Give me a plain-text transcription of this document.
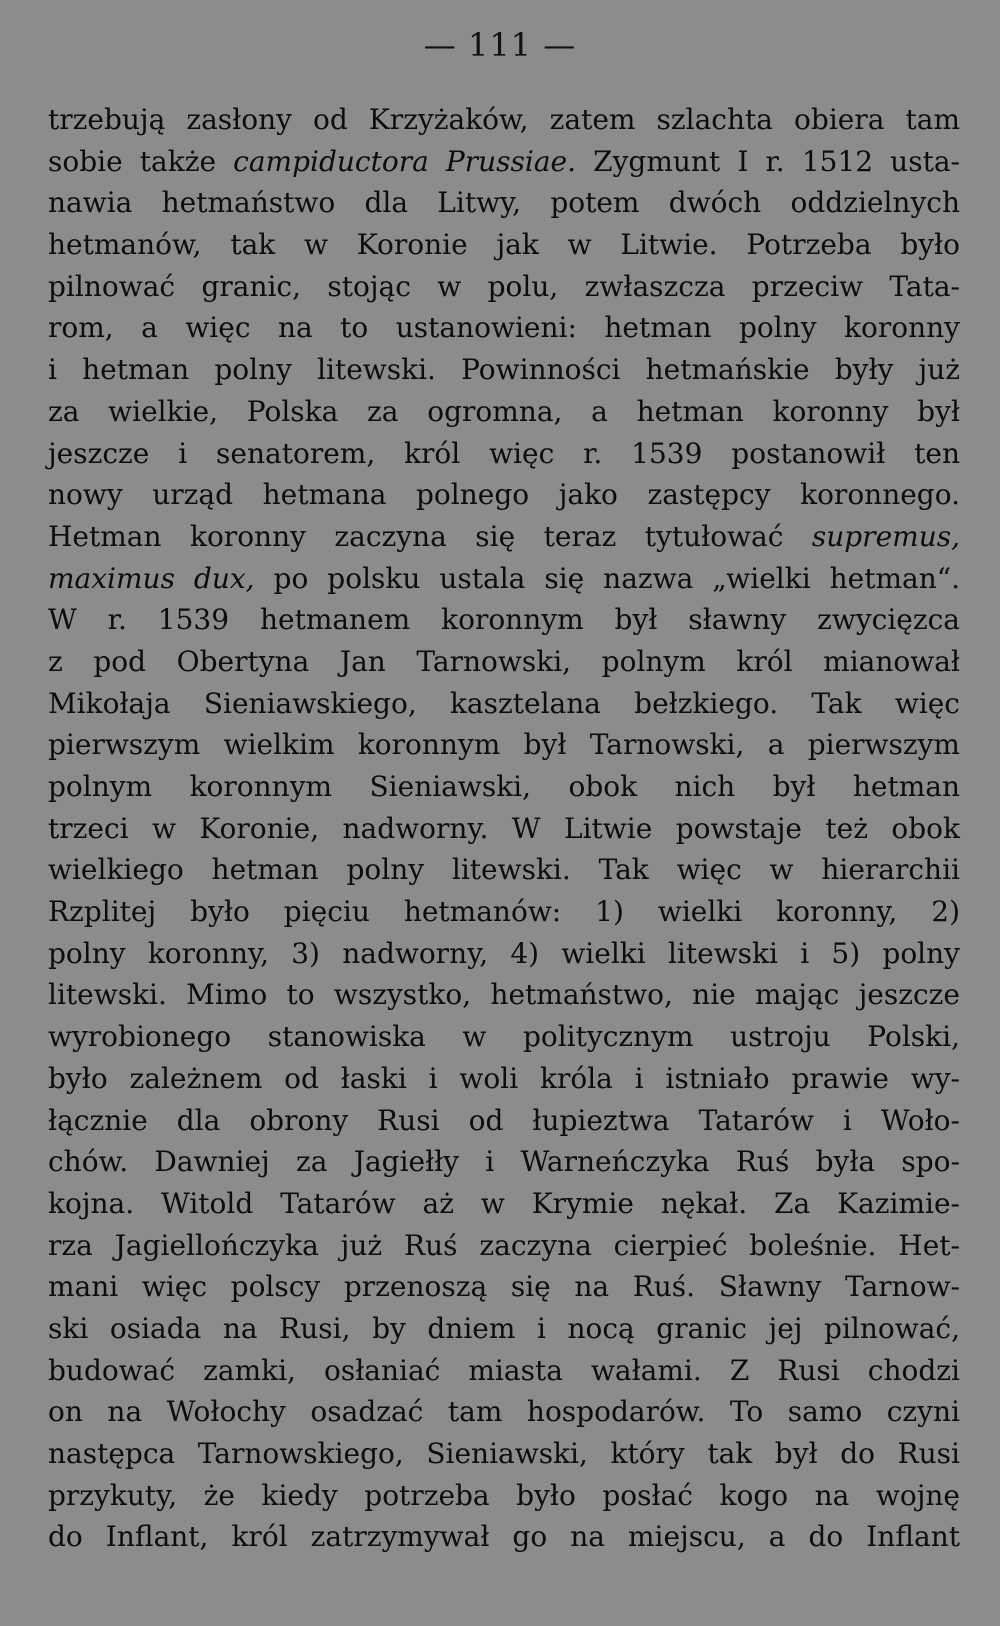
— 111 —
trzebują zasłony od Krzyżaków, zatem szlachta obiera tam
sobie także campiductora Prussiae. Zygmunt I r. 1512 usta-
nawia hetmaństwo dla Litwy, potem dwóch oddzielnych
hetmanów, tak w Koronie jak w Litwie. Potrzeba było
pilnować granic, stojąc w polu, zwłaszcza przeciw Tata-
rom, a więc na to ustanowieni: hetman polny koronny
i hetman polny litewski. Powinności hetmańskie były już
za wielkie, Polska za ogromna, a hetman koronny był
jeszcze i senatorem, król więc r. 1539 postanowił ten
nowy urząd hetmana polnego jako zastępcy koronnego.
Hetman koronny zaczyna się teraz tytułować supremus,
maximus dux, po polsku ustala się nazwa „wielki hetman“.
W r. 1539 hetmanem koronnym był sławny zwycięzca
z pod Obertyna Jan Tarnowski, polnym król mianował
Mikołaja Sieniawskiego, kasztelana bełzkiego. Tak więc
pierwszym wielkim koronnym był Tarnowski, a pierwszym
polnym koronnym Sieniawski, obok nich był hetman
trzeci w Koronie, nadworny. W Litwie powstaje też obok
wielkiego hetman polny litewski. Tak więc w hierarchii
Rzplitej było pięciu hetmanów: 1) wielki koronny, 2)
polny koronny, 3) nadworny, 4) wielki litewski i 5) polny
litewski. Mimo to wszystko, hetmaństwo, nie mając jeszcze
wyrobionego stanowiska w politycznym ustroju Polski,
było zależnem od łaski i woli króla i istniało prawie wy-
łącznie dla obrony Rusi od łupieztwa Tatarów i Woło-
chów. Dawniej za Jagiełły i Warneńczyka Ruś była spo-
kojna. Witold Tatarów aż w Krymie nękał. Za Kazimie-
rza Jagiellończyka już Ruś zaczyna cierpieć boleśnie. Het-
mani więc polscy przenoszą się na Ruś. Sławny Tarnow-
ski osiada na Rusi, by dniem i nocą granic jej pilnować,
budować zamki, osłaniać miasta wałami. Z Rusi chodzi
on na Wołochy osadzać tam hospodarów. To samo czyni
następca Tarnowskiego, Sieniawski, który tak był do Rusi
przykuty, że kiedy potrzeba było posłać kogo na wojnę
do Inflant, król zatrzymywał go na miejscu, a do Inflant
